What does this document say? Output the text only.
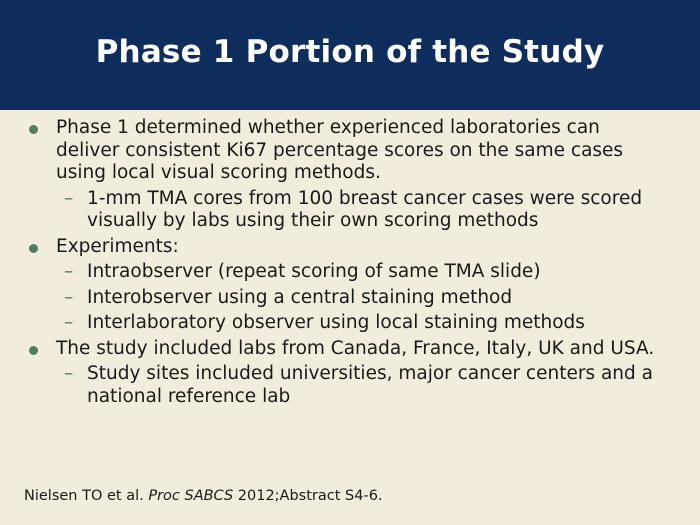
Phase 1 Portion of the Study
Phase 1 determined whether experienced laboratories can deliver consistent Ki67 percentage scores on the same cases using local visual scoring methods.
– 1-mm TMA cores from 100 breast cancer cases were scored visually by labs using their own scoring methods
Experiments:
– Intraobserver (repeat scoring of same TMA slide)
– Interobserver using a central staining method
– Interlaboratory observer using local staining methods
The study included labs from Canada, France, Italy, UK and USA.
– Study sites included universities, major cancer centers and a national reference lab
Nielsen TO et al. Proc SABCS 2012;Abstract S4-6.
